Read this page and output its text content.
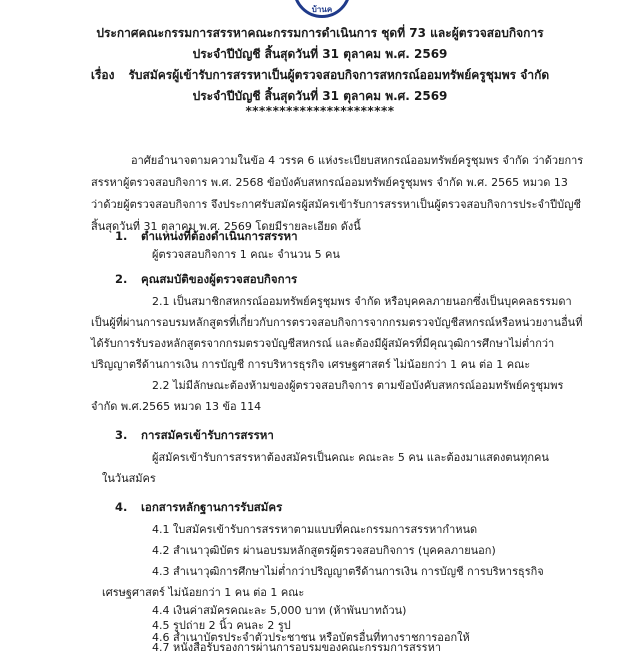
บ้านค
ประกาศคณะกรรมการสรรหาคณะกรรมการดำเนินการ ชุดที่ 73 และผู้ตรวจสอบกิจการ
ประจำปีบัญชี สิ้นสุดวันที่ 31 ตุลาคม พ.ศ. 2569
เรื่อง รับสมัครผู้เข้ารับการสรรหาเป็นผู้ตรวจสอบกิจการสหกรณ์ออมทรัพย์ครูชุมพร จำกัด
ประจำปีบัญชี สิ้นสุดวันที่ 31 ตุลาคม พ.ศ. 2569
**********************
อาศัยอำนาจตามความในข้อ 4 วรรค 6 แห่งระเบียบสหกรณ์ออมทรัพย์ครูชุมพร จำกัด ว่าด้วยการ
สรรหาผู้ตรวจสอบกิจการ พ.ศ. 2568 ข้อบังคับสหกรณ์ออมทรัพย์ครูชุมพร จำกัด พ.ศ. 2565 หมวด 13
ว่าด้วยผู้ตรวจสอบกิจการ จึงประกาศรับสมัครผู้สมัครเข้ารับการสรรหาเป็นผู้ตรวจสอบกิจการประจำปีบัญชี
สิ้นสุดวันที่ 31 ตุลาคม พ.ศ. 2569 โดยมีรายละเอียด ดังนี้
1. ตำแหน่งที่ต้องดำเนินการสรรหา
ผู้ตรวจสอบกิจการ 1 คณะ จำนวน 5 คน
2. คุณสมบัติของผู้ตรวจสอบกิจการ
2.1 เป็นสมาชิกสหกรณ์ออมทรัพย์ครูชุมพร จำกัด หรือบุคคลภายนอกซึ่งเป็นบุคคลธรรมดา
เป็นผู้ที่ผ่านการอบรมหลักสูตรที่เกี่ยวกับการตรวจสอบกิจการจากกรมตรวจบัญชีสหกรณ์หรือหน่วยงานอื่นที่
ได้รับการรับรองหลักสูตรจากกรมตรวจบัญชีสหกรณ์ และต้องมีผู้สมัครที่มีคุณวุฒิการศึกษาไม่ต่ำกว่า
ปริญญาตรีด้านการเงิน การบัญชี การบริหารธุรกิจ เศรษฐศาสตร์ ไม่น้อยกว่า 1 คน ต่อ 1 คณะ
2.2 ไม่มีลักษณะต้องห้ามของผู้ตรวจสอบกิจการ ตามข้อบังคับสหกรณ์ออมทรัพย์ครูชุมพร
จำกัด พ.ศ.2565 หมวด 13 ข้อ 114
3. การสมัครเข้ารับการสรรหา
ผู้สมัครเข้ารับการสรรหาต้องสมัครเป็นคณะ คณะละ 5 คน และต้องมาแสดงตนทุกคน
ในวันสมัคร
4. เอกสารหลักฐานการรับสมัคร
4.1 ใบสมัครเข้ารับการสรรหาตามแบบที่คณะกรรมการสรรหากำหนด
4.2 สำเนาวุฒิบัตร ผ่านอบรมหลักสูตรผู้ตรวจสอบกิจการ (บุคคลภายนอก)
4.3 สำเนาวุฒิการศึกษาไม่ต่ำกว่าปริญญาตรีด้านการเงิน การบัญชี การบริหารธุรกิจ
เศรษฐศาสตร์ ไม่น้อยกว่า 1 คน ต่อ 1 คณะ
4.4 เงินค่าสมัครคณะละ 5,000 บาท (ห้าพันบาทถ้วน)
4.5 รูปถ่าย 2 นิ้ว คนละ 2 รูป
4.6 สำเนาบัตรประจำตัวประชาชน หรือบัตรอื่นที่ทางราชการออกให้
4.7 หนังสือรับรองการผ่านการอบรมของคณะกรรมการสรรหา
